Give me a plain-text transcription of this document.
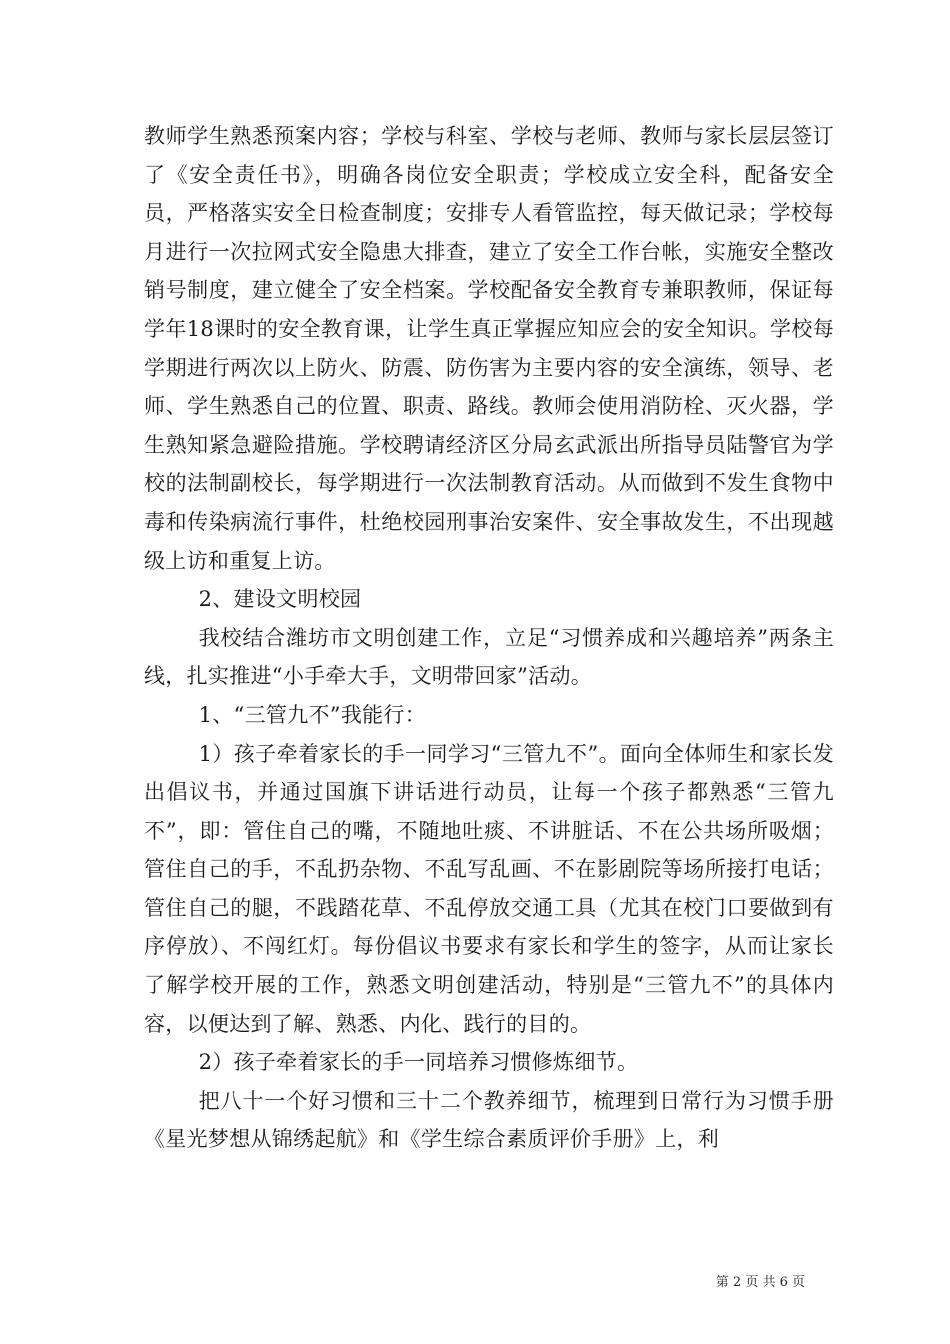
教师学生熟悉预案内容；学校与科室、学校与老师、教师与家长层层签订了《安全责任书》，明确各岗位安全职责；学校成立安全科，配备安全员，严格落实安全日检查制度；安排专人看管监控，每天做记录；学校每月进行一次拉网式安全隐患大排查，建立了安全工作台帐，实施安全整改销号制度，建立健全了安全档案。学校配备安全教育专兼职教师，保证每学年18课时的安全教育课，让学生真正掌握应知应会的安全知识。学校每学期进行两次以上防火、防震、防伤害为主要内容的安全演练，领导、老师、学生熟悉自己的位置、职责、路线。教师会使用消防栓、灭火器，学生熟知紧急避险措施。学校聘请经济区分局玄武派出所指导员陆警官为学校的法制副校长，每学期进行一次法制教育活动。从而做到不发生食物中毒和传染病流行事件，杜绝校园刑事治安案件、安全事故发生，不出现越级上访和重复上访。

2、建设文明校园

我校结合潍坊市文明创建工作，立足“习惯养成和兴趣培养”两条主线，扎实推进“小手牵大手，文明带回家”活动。

1、“三管九不”我能行：

1）孩子牵着家长的手一同学习“三管九不”。面向全体师生和家长发出倡议书，并通过国旗下讲话进行动员，让每一个孩子都熟悉“三管九不”，即：管住自己的嘴，不随地吐痰、不讲脏话、不在公共场所吸烟；管住自己的手，不乱扔杂物、不乱写乱画、不在影剧院等场所接打电话；管住自己的腿，不践踏花草、不乱停放交通工具（尤其在校门口要做到有序停放）、不闯红灯。每份倡议书要求有家长和学生的签字，从而让家长了解学校开展的工作，熟悉文明创建活动，特别是“三管九不”的具体内容，以便达到了解、熟悉、内化、践行的目的。

2）孩子牵着家长的手一同培养习惯修炼细节。

把八十一个好习惯和三十二个教养细节，梳理到日常行为习惯手册《星光梦想从锦绣起航》和《学生综合素质评价手册》上，利

第 2 页 共 6 页
